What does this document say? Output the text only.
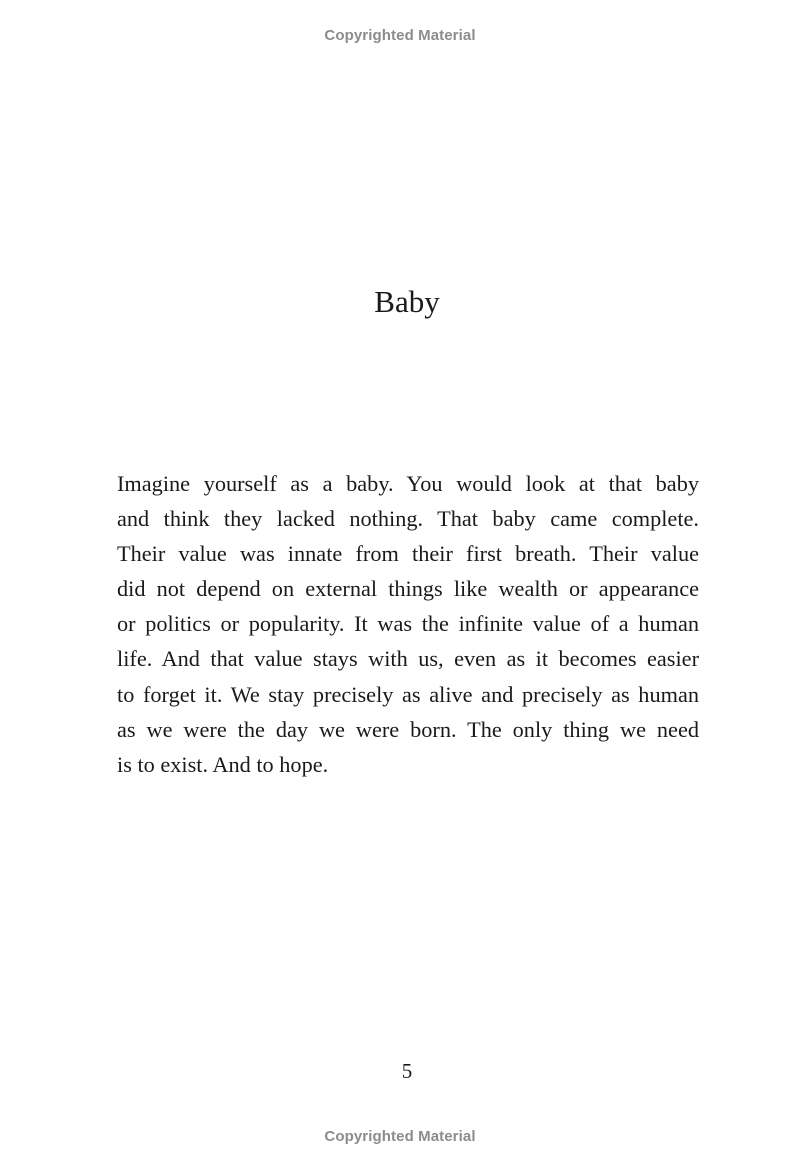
Copyrighted Material
Baby
Imagine yourself as a baby. You would look at that baby
and think they lacked nothing. That baby came complete.
Their value was innate from their first breath. Their value
did not depend on external things like wealth or appearance
or politics or popularity. It was the infinite value of a human
life. And that value stays with us, even as it becomes easier
to forget it. We stay precisely as alive and precisely as human
as we were the day we were born. The only thing we need
is to exist. And to hope.
5
Copyrighted Material
